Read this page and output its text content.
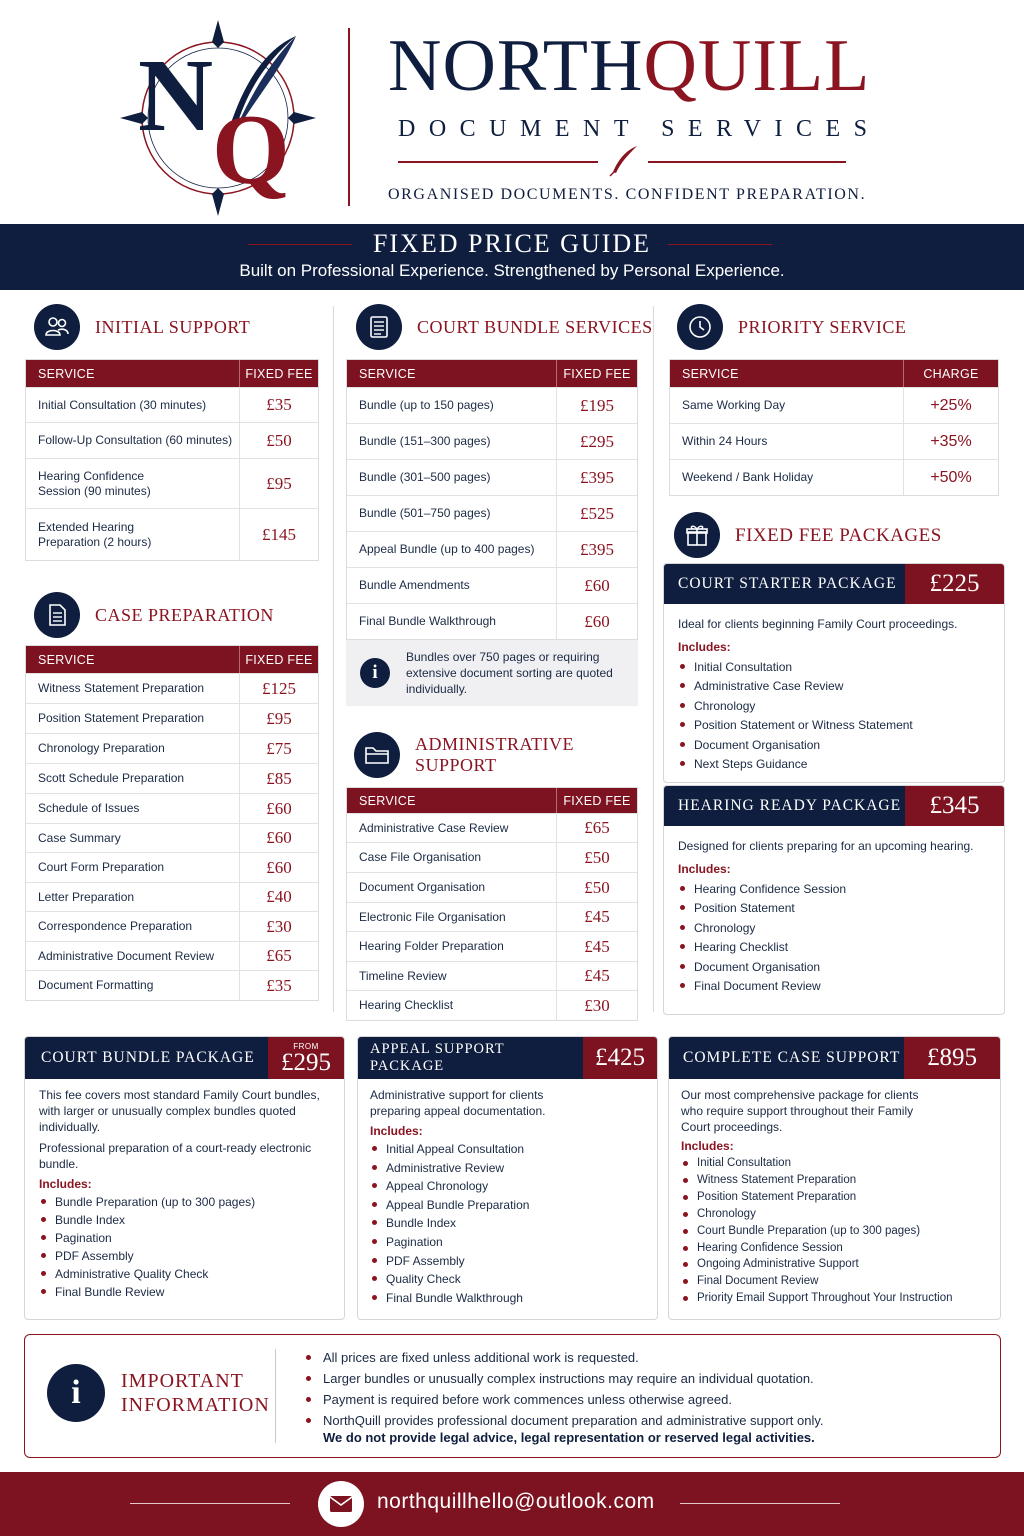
N
Q
NORTHQUILL
DOCUMENT SERVICES
ORGANISED DOCUMENTS. CONFIDENT PREPARATION.
FIXED PRICE GUIDE
Built on Professional Experience. Strengthened by Personal Experience.
INITIAL SUPPORT
SERVICE	FIXED FEE
Initial Consultation (30 minutes)	£35
Follow-Up Consultation (60 minutes)	£50
Hearing Confidence Session (90 minutes)	£95
Extended Hearing Preparation (2 hours)	£145
CASE PREPARATION
SERVICE	FIXED FEE
Witness Statement Preparation	£125
Position Statement Preparation	£95
Chronology Preparation	£75
Scott Schedule Preparation	£85
Schedule of Issues	£60
Case Summary	£60
Court Form Preparation	£60
Letter Preparation	£40
Correspondence Preparation	£30
Administrative Document Review	£65
Document Formatting	£35
COURT BUNDLE SERVICES
SERVICE	FIXED FEE
Bundle (up to 150 pages)	£195
Bundle (151–300 pages)	£295
Bundle (301–500 pages)	£395
Bundle (501–750 pages)	£525
Appeal Bundle (up to 400 pages)	£395
Bundle Amendments	£60
Final Bundle Walkthrough	£60
i
Bundles over 750 pages or requiring extensive document sorting are quoted individually.
ADMINISTRATIVE
SUPPORT
SERVICE	FIXED FEE
Administrative Case Review	£65
Case File Organisation	£50
Document Organisation	£50
Electronic File Organisation	£45
Hearing Folder Preparation	£45
Timeline Review	£45
Hearing Checklist	£30
PRIORITY SERVICE
SERVICE	CHARGE
Same Working Day	+25%
Within 24 Hours	+35%
Weekend / Bank Holiday	+50%
FIXED FEE PACKAGES
COURT STARTER PACKAGE	£225
Ideal for clients beginning Family Court proceedings.
Includes:
Initial Consultation
Administrative Case Review
Chronology
Position Statement or Witness Statement
Document Organisation
Next Steps Guidance
HEARING READY PACKAGE	£345
Designed for clients preparing for an upcoming hearing.
Includes:
Hearing Confidence Session
Position Statement
Chronology
Hearing Checklist
Document Organisation
Final Document Review
COURT BUNDLE PACKAGE
FROM
£295
This fee covers most standard Family Court bundles, with larger or unusually complex bundles quoted individually.
Professional preparation of a court-ready electronic bundle.
Includes:
Bundle Preparation (up to 300 pages)
Bundle Index
Pagination
PDF Assembly
Administrative Quality Check
Final Bundle Review
APPEAL SUPPORT PACKAGE	£425
Administrative support for clients preparing appeal documentation.
Includes:
Initial Appeal Consultation
Administrative Review
Appeal Chronology
Appeal Bundle Preparation
Bundle Index
Pagination
PDF Assembly
Quality Check
Final Bundle Walkthrough
COMPLETE CASE SUPPORT	£895
Our most comprehensive package for clients who require support throughout their Family Court proceedings.
Includes:
Initial Consultation
Witness Statement Preparation
Position Statement Preparation
Chronology
Court Bundle Preparation (up to 300 pages)
Hearing Confidence Session
Ongoing Administrative Support
Final Document Review
Priority Email Support Throughout Your Instruction
i	IMPORTANT
INFORMATION
All prices are fixed unless additional work is requested.
Larger bundles or unusually complex instructions may require an individual quotation.
Payment is required before work commences unless otherwise agreed.
NorthQuill provides professional document preparation and administrative support only.
We do not provide legal advice, legal representation or reserved legal activities.
northquillhello@outlook.com
